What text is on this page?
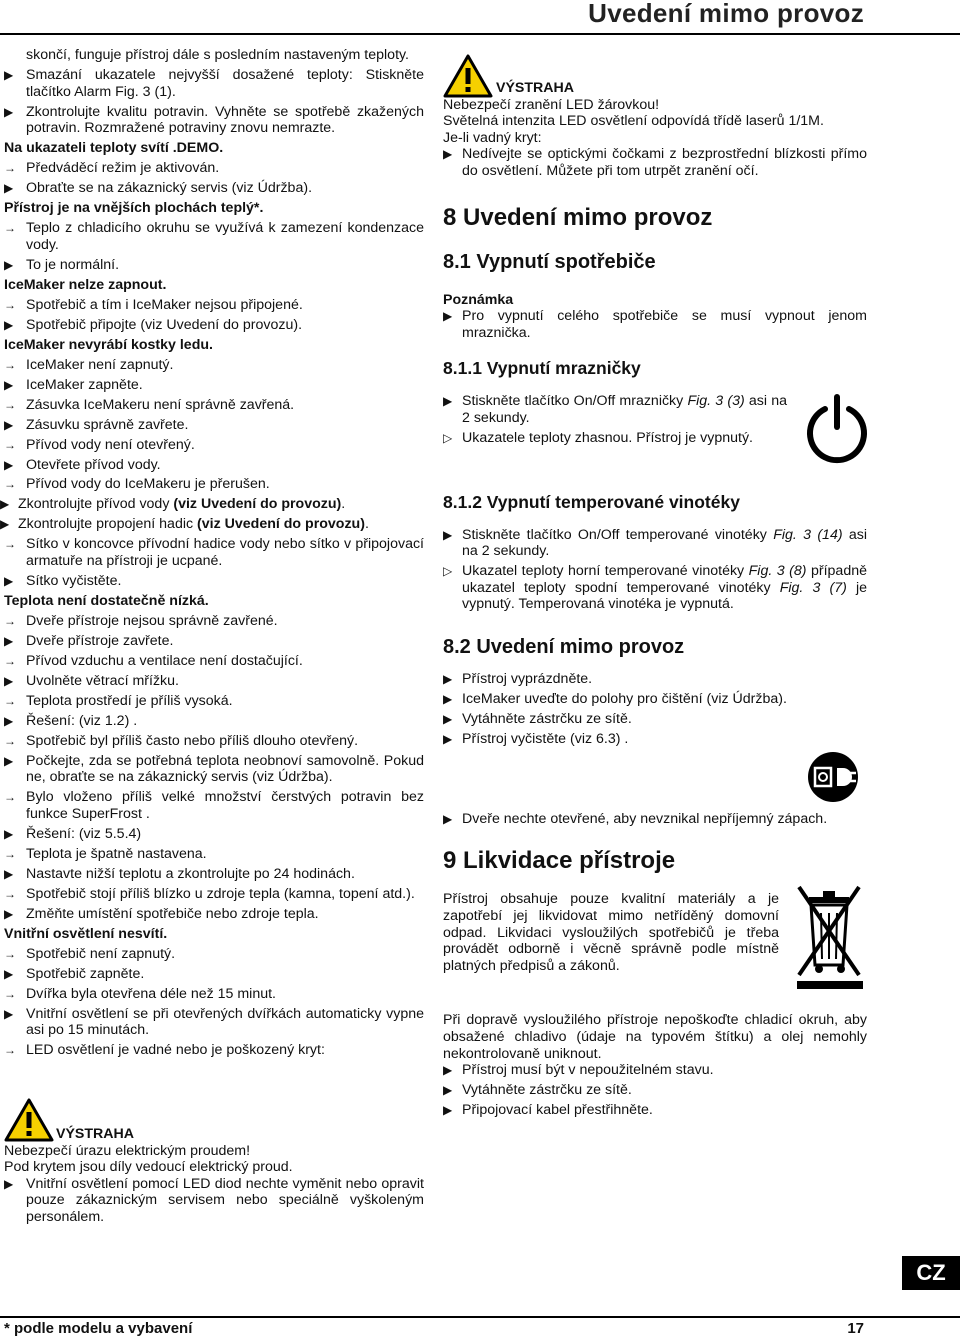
Uvedení mimo provoz
skončí, funguje přístroj dále s posledním nastaveným teploty.
▶ Smazání ukazatele nejvyšší dosažené teploty: Stiskněte tlačítko Alarm Fig. 3 (1).
▶ Zkontrolujte kvalitu potravin. Vyhněte se spotřebě zkažených potravin. Rozmražené potraviny znovu nemrazte.
Na ukazateli teploty svítí .DEMO.
→ Předváděcí režim je aktivován.
▶ Obraťte se na zákaznický servis (viz Údržba).
Přístroj je na vnějších plochách teplý*.
→ Teplo z chladicího okruhu se využívá k zamezení kondenzace vody.
▶ To je normální.
IceMaker nelze zapnout.
→ Spotřebič a tím i IceMaker nejsou připojené.
▶ Spotřebič připojte (viz Uvedení do provozu).
IceMaker nevyrábí kostky ledu.
→ IceMaker není zapnutý.
▶ IceMaker zapněte.
→ Zásuvka IceMakeru není správně zavřená.
▶ Zásuvku správně zavřete.
→ Přívod vody není otevřený.
▶ Otevřete přívod vody.
→ Přívod vody do IceMakeru je přerušen.
▶ Zkontrolujte přívod vody (viz Uvedení do provozu).
▶ Zkontrolujte propojení hadic (viz Uvedení do provozu).
→ Sítko v koncovce přívodní hadice vody nebo sítko v připojovací armatuře na přístroji je ucpané.
▶ Sítko vyčistěte.
Teplota není dostatečně nízká.
→ Dveře přístroje nejsou správně zavřené.
▶ Dveře přístroje zavřete.
→ Přívod vzduchu a ventilace není dostačující.
▶ Uvolněte větrací mřížku.
→ Teplota prostředí je příliš vysoká.
▶ Řešení: (viz 1.2) .
→ Spotřebič byl příliš často nebo příliš dlouho otevřený.
▶ Počkejte, zda se potřebná teplota neobnoví samovolně. Pokud ne, obraťte se na zákaznický servis (viz Údržba).
→ Bylo vloženo příliš velké množství čerstvých potravin bez funkce SuperFrost .
▶ Řešení: (viz 5.5.4)
→ Teplota je špatně nastavena.
▶ Nastavte nižší teplotu a zkontrolujte po 24 hodinách.
→ Spotřebič stojí příliš blízko u zdroje tepla (kamna, topení atd.).
▶ Změňte umístění spotřebiče nebo zdroje tepla.
Vnitřní osvětlení nesvítí.
→ Spotřebič není zapnutý.
▶ Spotřebič zapněte.
→ Dvířka byla otevřena déle než 15 minut.
▶ Vnitřní osvětlení se při otevřených dvířkách automaticky vypne asi po 15 minutách.
→ LED osvětlení je vadné nebo je poškozený kryt:
VÝSTRAHA
Nebezpečí úrazu elektrickým proudem!
Pod krytem jsou díly vedoucí elektrický proud.
▶ Vnitřní osvětlení pomocí LED diod nechte vyměnit nebo opravit pouze zákaznickým servisem nebo speciálně vyškoleným personálem.
VÝSTRAHA
Nebezpečí zranění LED žárovkou!
Světelná intenzita LED osvětlení odpovídá třídě laserů 1/1M.
Je-li vadný kryt:
▶ Nedívejte se optickými čočkami z bezprostřední blízkosti přímo do osvětlení. Můžete při tom utrpět zranění očí.
8 Uvedení mimo provoz
8.1 Vypnutí spotřebiče
Poznámka
▶ Pro vypnutí celého spotřebiče se musí vypnout jenom mraznička.
8.1.1 Vypnutí mrazničky
▶ Stiskněte tlačítko On/Off mrazničky Fig. 3 (3) asi na 2 sekundy.
▷ Ukazatele teploty zhasnou. Přístroj je vypnutý.
8.1.2 Vypnutí temperované vinotéky
▶ Stiskněte tlačítko On/Off temperované vinotéky Fig. 3 (14) asi na 2 sekundy.
▷ Ukazatel teploty horní temperované vinotéky Fig. 3 (8) případně ukazatel teploty spodní temperované vinotéky Fig. 3 (7) je vypnutý. Temperovaná vinotéka je vypnutá.
8.2 Uvedení mimo provoz
▶ Přístroj vyprázdněte.
▶ IceMaker uveďte do polohy pro čištění (viz Údržba).
▶ Vytáhněte zástrčku ze sítě.
▶ Přístroj vyčistěte (viz 6.3) .
▶ Dveře nechte otevřené, aby nevznikal nepříjemný zápach.
9 Likvidace přístroje
Přístroj obsahuje pouze kvalitní materiály a je zapotřebí jej likvidovat mimo netříděný domovní odpad. Likvidaci vysloužilých spotřebičů je třeba provádět odborně i věcně správně podle místně platných předpisů a zákonů.
Při dopravě vysloužilého přístroje nepoškoďte chladicí okruh, aby obsažené chladivo (údaje na typovém štítku) a olej nemohly nekontrolovaně uniknout.
▶ Přístroj musí být v nepoužitelném stavu.
▶ Vytáhněte zástrčku ze sítě.
▶ Připojovací kabel přestřihněte.
CZ
* podle modelu a vybavení	17
